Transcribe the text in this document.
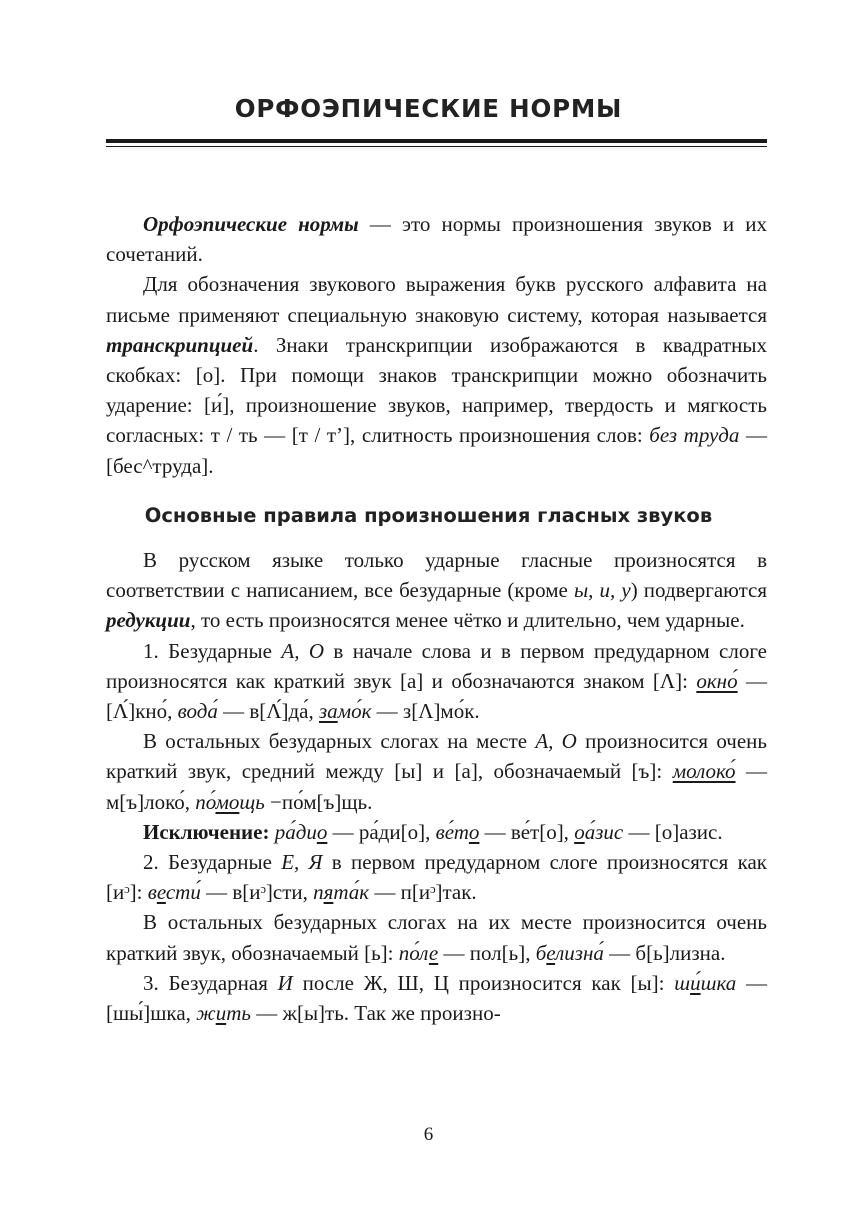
ОРФОЭПИЧЕСКИЕ НОРМЫ

Орфоэпические нормы — это нормы произношения звуков и их сочетаний.

Для обозначения звукового выражения букв русского алфавита на письме применяют специальную знаковую систему, которая называется транскрипцией. Знаки транскрипции изображаются в квадратных скобках: [о]. При помощи знаков транскрипции можно обозначить ударение: [и́], произношение звуков, например, твердость и мягкость согласных: т / ть — [т / т’], слитность произношения слов: без труда — [бес^труда].

Основные правила произношения гласных звуков

В русском языке только ударные гласные произносятся в соответствии с написанием, все безударные (кроме ы, и, у) подвергаются редукции, то есть произносятся менее чётко и длительно, чем ударные.

1. Безударные А, О в начале слова и в первом предударном слоге произносятся как краткий звук [а] и обозначаются знаком [Λ]: окно́ — [Λ́]кно́, вода́ — в[Λ́]да́, замо́к — з[Λ]мо́к.

В остальных безударных слогах на месте А, О произносится очень краткий звук, средний между [ы] и [а], обозначаемый [ъ]: молоко́ — м[ъ]локо́, по́мощь −по́м[ъ]щь.

Исключение: ра́дио — ра́ди[о], ве́то — ве́т[о], оа́зис — [о]азис.

2. Безударные Е, Я в первом предударном слоге произносятся как [иᵓ]: вести́ — в[иᵓ]сти, пята́к — п[иᵓ]так.

В остальных безударных слогах на их месте произносится очень краткий звук, обозначаемый [ь]: по́ле — пол[ь], белизна́ — б[ь]лизна.

3. Безударная И после Ж, Ш, Ц произносится как [ы]: ши́шка — [шы́]шка, жить — ж[ы]ть. Так же произно-

6
